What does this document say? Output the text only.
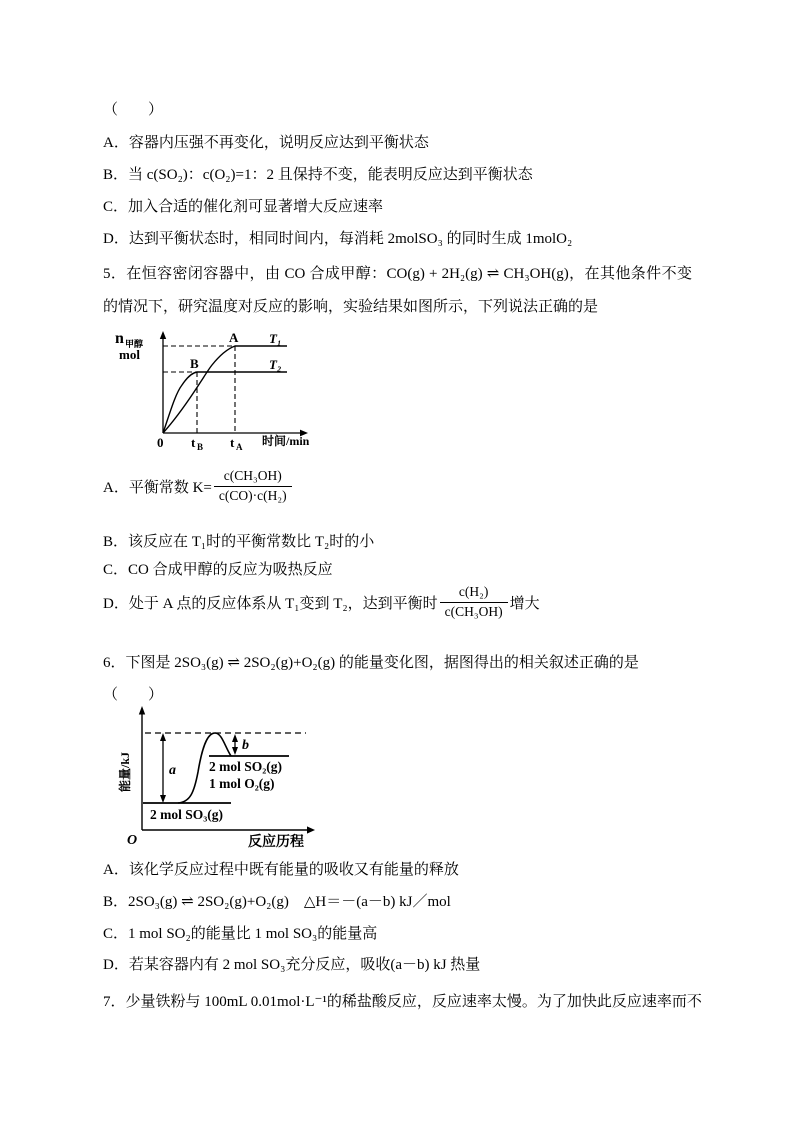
（　　）
A．容器内压强不再变化，说明反应达到平衡状态
B．当 c(SO₂)：c(O₂)=1：2 且保持不变，能表明反应达到平衡状态
C．加入合适的催化剂可显著增大反应速率
D．达到平衡状态时，相同时间内，每消耗 2molSO₃ 的同时生成 1molO₂
5．在恒容密闭容器中，由 CO 合成甲醇：CO(g) + 2H₂(g) ⇌ CH₃OH(g)，在其他条件不变的情况下，研究温度对反应的影响，实验结果如图所示，下列说法正确的是
n 甲醇
mol
A
B
T₁
T₂
0 t B t A 时间/min
A．平衡常数 $K= \frac{\text{c(CH₃OH)}}{\text{c(CO)·c(H₂)}}$
B．该反应在 T₁时的平衡常数比 T₂时的小
C．CO 合成甲醇的反应为吸热反应
D．处于 A 点的反应体系从 T₁变到 T₂，达到平衡时 $\frac{\text{c(H₂)}}{\text{c(CH₃OH)}}$ 增大
6．下图是 2SO₃(g) ⇌ 2SO₂(g)+O₂(g) 的能量变化图，据图得出的相关叙述正确的是
（　　）
能量/kJ
O	反应历程
a
b
2 mol SO₃(g)
2 mol SO₂(g)
1 mol O₂(g)
A．该化学反应过程中既有能量的吸收又有能量的释放
B．2SO₃(g) ⇌ 2SO₂(g)+O₂(g)　△H＝－(a－b) kJ／mol
C．1 mol SO₂的能量比 1 mol SO₃的能量高
D．若某容器内有 2 mol SO₃充分反应，吸收(a－b) kJ 热量
7．少量铁粉与 100mL 0.01mol·L⁻¹的稀盐酸反应，反应速率太慢。为了加快此反应速率而不
